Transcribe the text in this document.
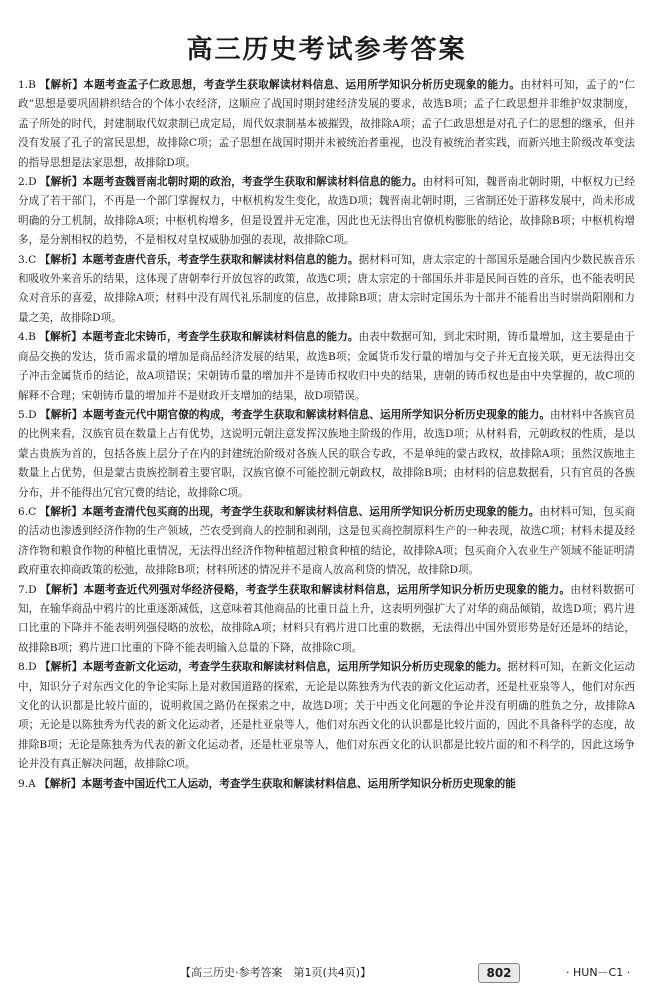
高三历史考试参考答案

1.B 【解析】本题考查孟子仁政思想，考查学生获取解读材料信息、运用所学知识分析历史现象的能力。由材料可知，孟子的“仁政”思想是要巩固耕织结合的个体小农经济，这顺应了战国时期封建经济发展的要求，故选B项；孟子仁政思想并非维护奴隶制度，孟子所处的时代，封建制取代奴隶制已成定局，周代奴隶制基本被摧毁，故排除A项；孟子仁政思想是对孔子仁的思想的继承，但并没有发展了孔子的富民思想，故排除C项；孟子思想在战国时期并未被统治者重视，也没有被统治者实践，而新兴地主阶级改革变法的指导思想是法家思想，故排除D项。

2.D 【解析】本题考查魏晋南北朝时期的政治，考查学生获取和解读材料信息的能力。由材料可知，魏晋南北朝时期，中枢权力已经分成了若干部门，不再是一个部门掌握权力，中枢机构发生变化，故选D项；魏晋南北朝时期，三省制还处于游移发展中，尚未形成明确的分工机制，故排除A项；中枢机构增多，但是设置并无定准，因此也无法得出官僚机构膨胀的结论，故排除B项；中枢机构增多，是分割相权的趋势，不是相权对皇权威胁加强的表现，故排除C项。

3.C 【解析】本题考查唐代音乐，考查学生获取和解读材料信息的能力。据材料可知，唐太宗定的十部国乐是融合国内少数民族音乐和吸收外来音乐的结果，这体现了唐朝奉行开放包容的政策，故选C项；唐太宗定的十部国乐并非是民间百姓的音乐，也不能表明民众对音乐的喜爱，故排除A项；材料中没有周代礼乐制度的信息，故排除B项；唐太宗时定国乐为十部并不能看出当时崇尚阳刚和力量之美，故排除D项。

4.B 【解析】本题考查北宋铸币，考查学生获取和解读材料信息的能力。由表中数据可知，到北宋时期，铸币量增加，这主要是由于商品交换的发达，货币需求量的增加是商品经济发展的结果，故选B项；金属货币发行量的增加与交子并无直接关联，更无法得出交子冲击金属货币的结论，故A项错误；宋朝铸币量的增加并不是铸币权收归中央的结果，唐朝的铸币权也是由中央掌握的，故C项的解释不合理；宋朝铸币量的增加并不是财政开支增加的结果，故D项错误。

5.D 【解析】本题考查元代中期官僚的构成，考查学生获取和解读材料信息、运用所学知识分析历史现象的能力。由材料中各族官员的比例来看，汉族官员在数量上占有优势，这说明元朝注意发挥汉族地主阶级的作用，故选D项；从材料看，元朝政权的性质，是以蒙古贵族为首的，包括各族上层分子在内的封建统治阶级对各族人民的联合专政，不是单纯的蒙古政权，故排除A项；虽然汉族地主数量上占优势，但是蒙古贵族控制着主要官职，汉族官僚不可能控制元朝政权，故排除B项；由材料的信息数据看，只有官员的各族分布，并不能得出冗官冗费的结论，故排除C项。

6.C 【解析】本题考查清代包买商的出现，考查学生获取和解读材料信息、运用所学知识分析历史现象的能力。由材料可知，包买商的活动也渗透到经济作物的生产领域，苎农受到商人的控制和剥削，这是包买商控制原料生产的一种表现，故选C项；材料未提及经济作物和粮食作物的种植比重情况，无法得出经济作物种植超过粮食种植的结论，故排除A项；包买商介入农业生产领域不能证明清政府重农抑商政策的松弛，故排除B项；材料所述的情况并不是商人放高利贷的情况，故排除D项。

7.D 【解析】本题考查近代列强对华经济侵略，考查学生获取和解读材料信息，运用所学知识分析历史现象的能力。由材料数据可知，在输华商品中鸦片的比重逐渐减低，这意味着其他商品的比重日益上升，这表明列强扩大了对华的商品倾销，故选D项；鸦片进口比重的下降并不能表明列强侵略的放松，故排除A项；材料只有鸦片进口比重的数据，无法得出中国外贸形势是好还是坏的结论，故排除B项；鸦片进口比重的下降不能表明输入总量的下降，故排除C项。

8.D 【解析】本题考查新文化运动，考查学生获取和解读材料信息，运用所学知识分析历史现象的能力。据材料可知，在新文化运动中，知识分子对东西文化的争论实际上是对救国道路的探索，无论是以陈独秀为代表的新文化运动者，还是杜亚泉等人，他们对东西文化的认识都是比较片面的，说明救国之路仍在探索之中，故选D项；关于中西文化问题的争论并没有明确的胜负之分，故排除A项；无论是以陈独秀为代表的新文化运动者，还是杜亚泉等人，他们对东西文化的认识都是比较片面的，因此不具备科学的态度，故排除B项；无论是陈独秀为代表的新文化运动者，还是杜亚泉等人，他们对东西文化的认识都是比较片面的和不科学的，因此这场争论并没有真正解决问题，故排除C项。

9.A 【解析】本题考查中国近代工人运动，考查学生获取和解读材料信息、运用所学知识分析历史现象的能

【高三历史·参考答案　第1页(共4页)】	802	· HUN－C1 ·
